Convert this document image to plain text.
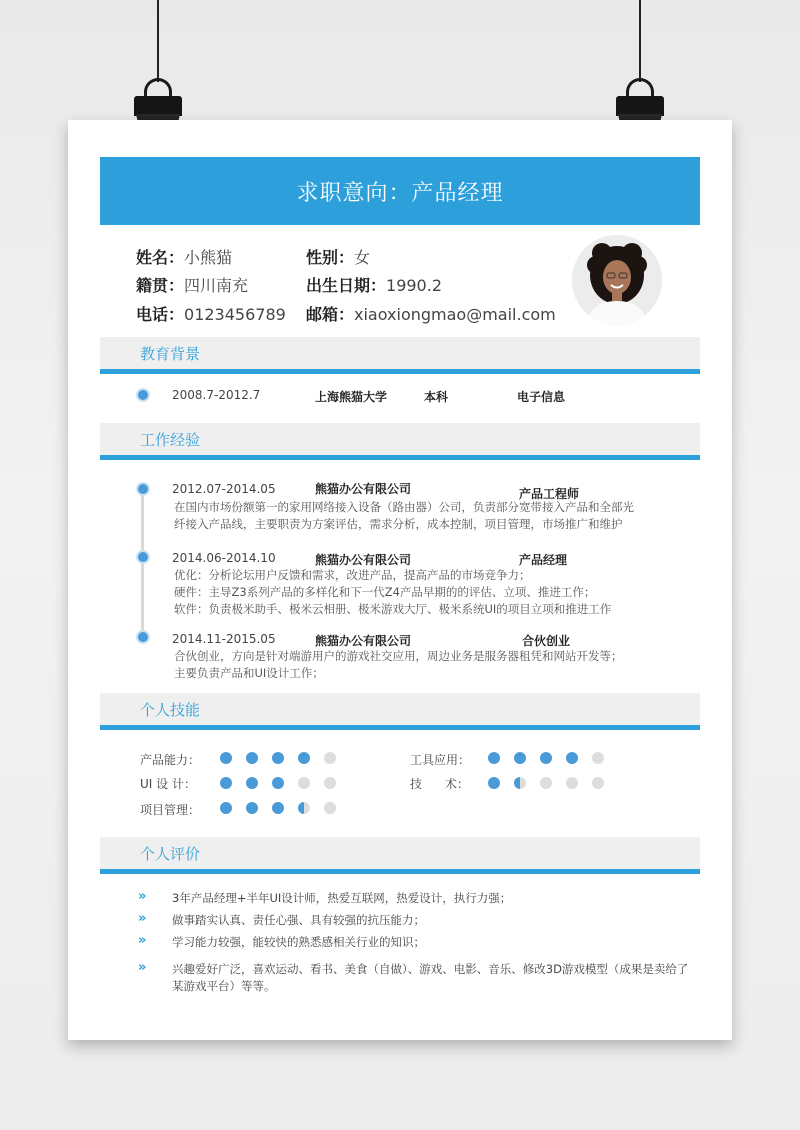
求职意向：产品经理
姓名：小熊猫	性别：女
籍贯：四川南充	出生日期：1990.2
电话：0123456789 邮箱：xiaoxiongmao@mail.com
教育背景
2008.7-2012.7	上海熊猫大学	本科	电子信息
工作经验
2012.07-2014.05	熊猫办公有限公司	产品工程师
在国内市场份额第一的家用网络接入设备（路由器）公司，负责部分宽带接入产品和全部光
纤接入产品线，主要职责为方案评估，需求分析，成本控制，项目管理，市场推广和维护
2014.06-2014.10	熊猫办公有限公司	产品经理
优化：分析论坛用户反馈和需求，改进产品，提高产品的市场竞争力；
硬件：主导Z3系列产品的多样化和下一代Z4产品早期的的评估、立项、推进工作；
软件：负责极米助手、极米云相册、极米游戏大厅、极米系统UI的项目立项和推进工作
2014.11-2015.05	熊猫办公有限公司	合伙创业
合伙创业，方向是针对端游用户的游戏社交应用，周边业务是服务器租凭和网站开发等；
主要负责产品和UI设计工作；
个人技能
产品能力：
UI 设 计：
项目管理：
工具应用：
技      术：
个人评价
» 3年产品经理+半年UI设计师，热爱互联网，热爱设计，执行力强；
» 做事踏实认真、责任心强、具有较强的抗压能力；
» 学习能力较强，能较快的熟悉感相关行业的知识；
» 兴趣爱好广泛，喜欢运动、看书、美食（自做）、游戏、电影、音乐、修改3D游戏模型（成果是卖给了某游戏平台）等等。
